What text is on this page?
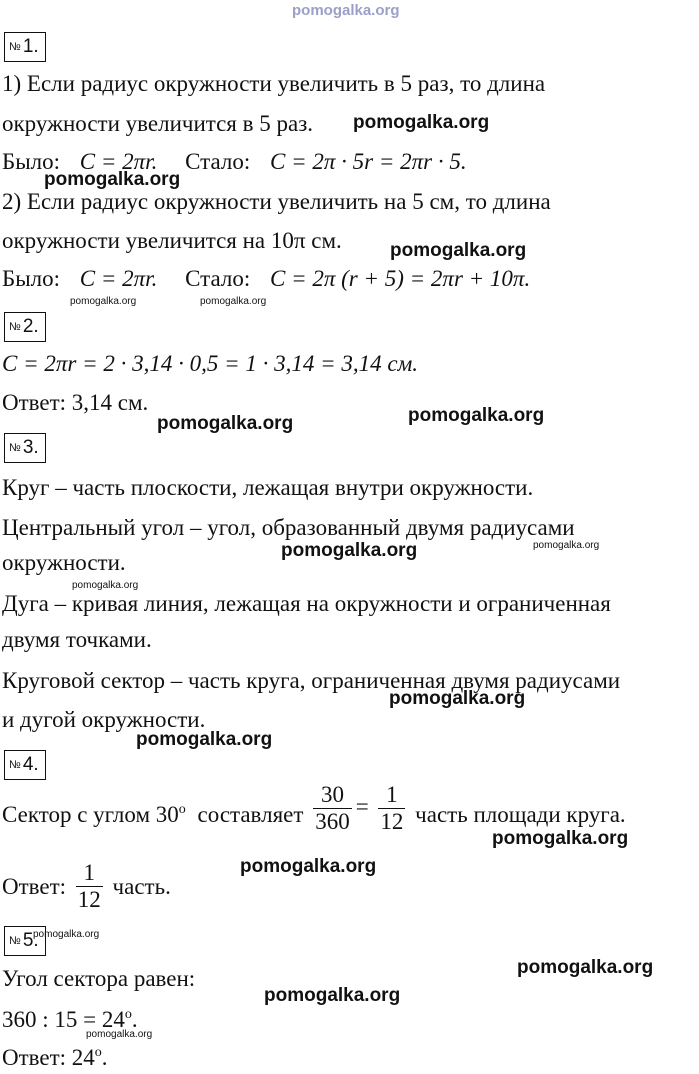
pomogalka.org
№ 1.
1) Если радиус окружности увеличить в 5 раз, то длина
окружности увеличится в 5 раз. pomogalka.org
Было: C = 2πr. Стало: C = 2π · 5r = 2πr · 5.
pomogalka.org
2) Если радиус окружности увеличить на 5 см, то длина
окружности увеличится на 10π см.	pomogalka.org
Было: C = 2πr. Стало: C = 2π (r + 5) = 2πr + 10π.
pomogalka.org	pomogalka.org
№ 2.
C = 2πr = 2 · 3,14 · 0,5 = 1 · 3,14 = 3,14 см.
Ответ: 3,14 см.
pomogalka.org	pomogalka.org
№ 3.
Круг – часть плоскости, лежащая внутри окружности.
Центральный угол – угол, образованный двумя радиусами
окружности.	pomogalka.org	pomogalka.org
pomogalka.org
Дуга – кривая линия, лежащая на окружности и ограниченная
двумя точками.
Круговой сектор – часть круга, ограниченная двумя радиусами
pomogalka.org
и дугой окружности.
pomogalka.org
№ 4.
Сектор с углом 30$^o$ составляет $\frac{30}{360} = \frac{1}{12}$ часть площади круга.
pomogalka.org
pomogalka.org
Ответ: $\frac{1}{12}$ часть.
№ 5.
pomogalka.org
Угол сектора равен:	pomogalka.org
pomogalka.org
360 : $15 = 24^o$.
pomogalka.org
Ответ: 24$^o$.
